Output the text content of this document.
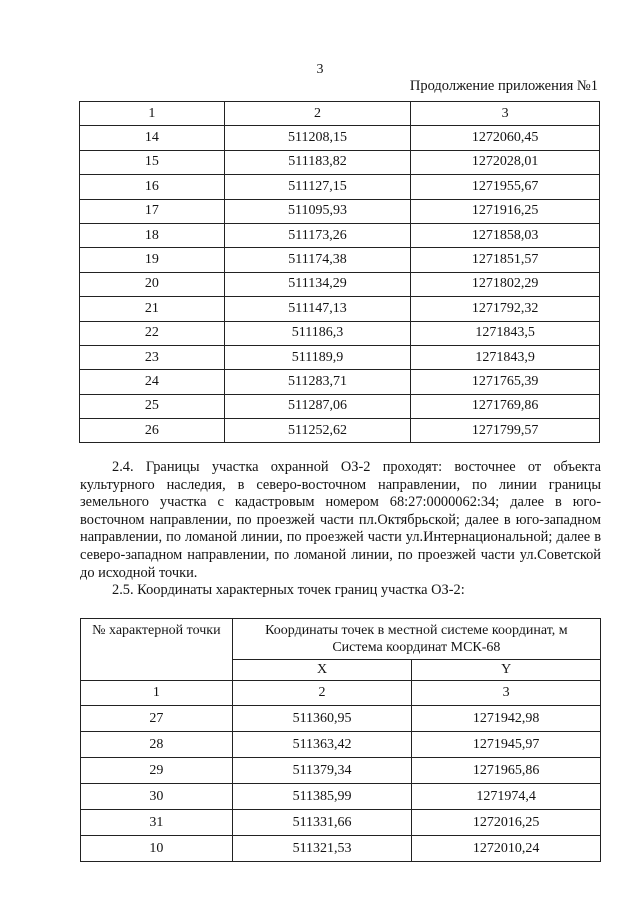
3
Продолжение приложения №1
1	2	3
14	511208,15	1272060,45
15	511183,82	1272028,01
16	511127,15	1271955,67
17	511095,93	1271916,25
18	511173,26	1271858,03
19	511174,38	1271851,57
20	511134,29	1271802,29
21	511147,13	1271792,32
22	511186,3	1271843,5
23	511189,9	1271843,9
24	511283,71	1271765,39
25	511287,06	1271769,86
26	511252,62	1271799,57
2.4. Границы участка охранной ОЗ-2 проходят: восточнее от объекта культурного наследия, в северо-восточном направлении, по линии границы земельного участка с кадастровым номером 68:27:0000062:34; далее в юго-восточном направлении, по проезжей части пл.Октябрьской; далее в юго-западном направлении, по ломаной линии, по проезжей части ул.Интернациональной; далее в северо-западном направлении, по ломаной линии, по проезжей части ул.Советской до исходной точки.
2.5. Координаты характерных точек границ участка ОЗ-2:
№ характерной точки	Координаты точек в местной системе координат, м
Система координат МСК-68	

	X	Y
1	2	3
27	511360,95	1271942,98
28	511363,42	1271945,97
29	511379,34	1271965,86
30	511385,99	1271974,4
31	511331,66	1272016,25
10	511321,53	1272010,24
